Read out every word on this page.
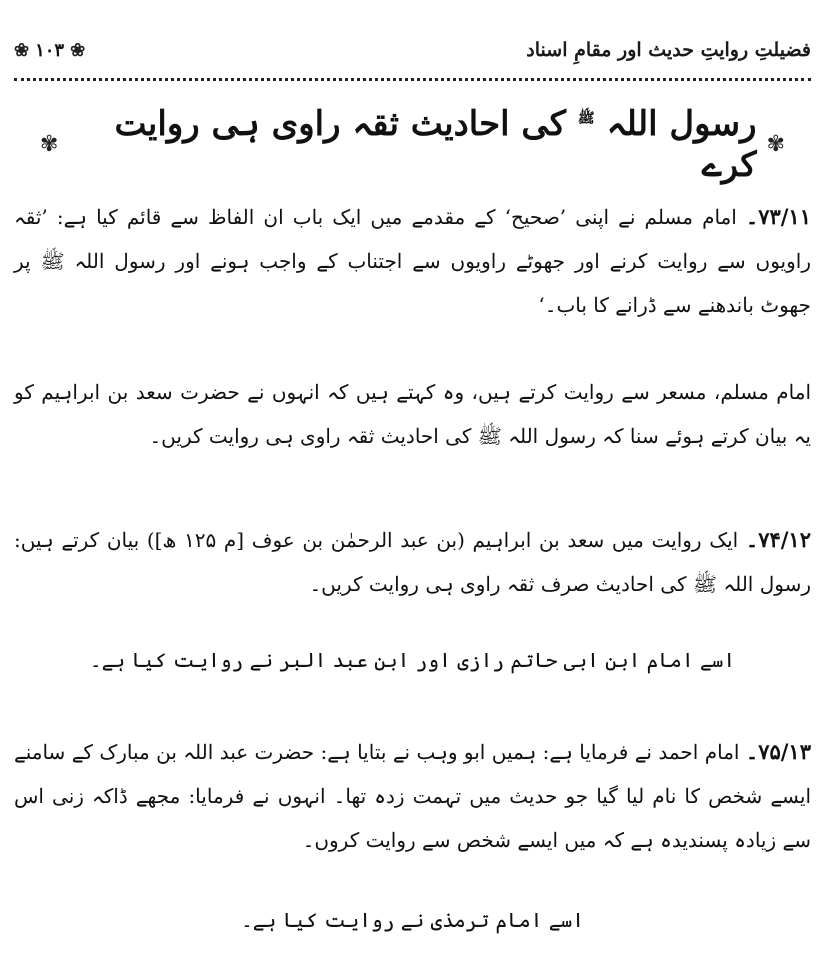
❀ ۱۰۳ ❀	فضیلتِ روایتِ حدیث اور مقامِ اسناد
✾
رسول اللہ $^ﷺ$ کی احادیث ثقہ راوی ہی روایت کرے
✾
۷۳/۱۱۔ امام مسلم نے اپنی ’صحیح‘ کے مقدمے میں ایک باب ان الفاظ سے قائم کیا ہے: ’ثقہ راویوں سے روایت کرنے اور جھوٹے راویوں سے اجتناب کے واجب ہونے اور رسول اللہ ﷺ پر جھوٹ باندھنے سے ڈرانے کا باب۔‘
امام مسلم، مسعر سے روایت کرتے ہیں، وہ کہتے ہیں کہ انہوں نے حضرت سعد بن ابراہیم کو یہ بیان کرتے ہوئے سنا کہ رسول اللہ ﷺ کی احادیث ثقہ راوی ہی روایت کریں۔
۷۴/۱۲۔ ایک روایت میں سعد بن ابراہیم (بن عبد الرحمٰن بن عوف [م ۱۲۵ ھ]) بیان کرتے ہیں: رسول اللہ ﷺ کی احادیث صرف ثقہ راوی ہی روایت کریں۔
اسے امام ابن ابی حاتم رازی اور ابن عبد البر نے روایت کیا ہے۔
۷۵/۱۳۔ امام احمد نے فرمایا ہے: ہمیں ابو وہب نے بتایا ہے: حضرت عبد اللہ بن مبارک کے سامنے ایسے شخص کا نام لیا گیا جو حدیث میں تہمت زدہ تھا۔ انہوں نے فرمایا: مجھے ڈاکہ زنی اس سے زیادہ پسندیدہ ہے کہ میں ایسے شخص سے روایت کروں۔
اسے امام ترمذی نے روایت کیا ہے۔
